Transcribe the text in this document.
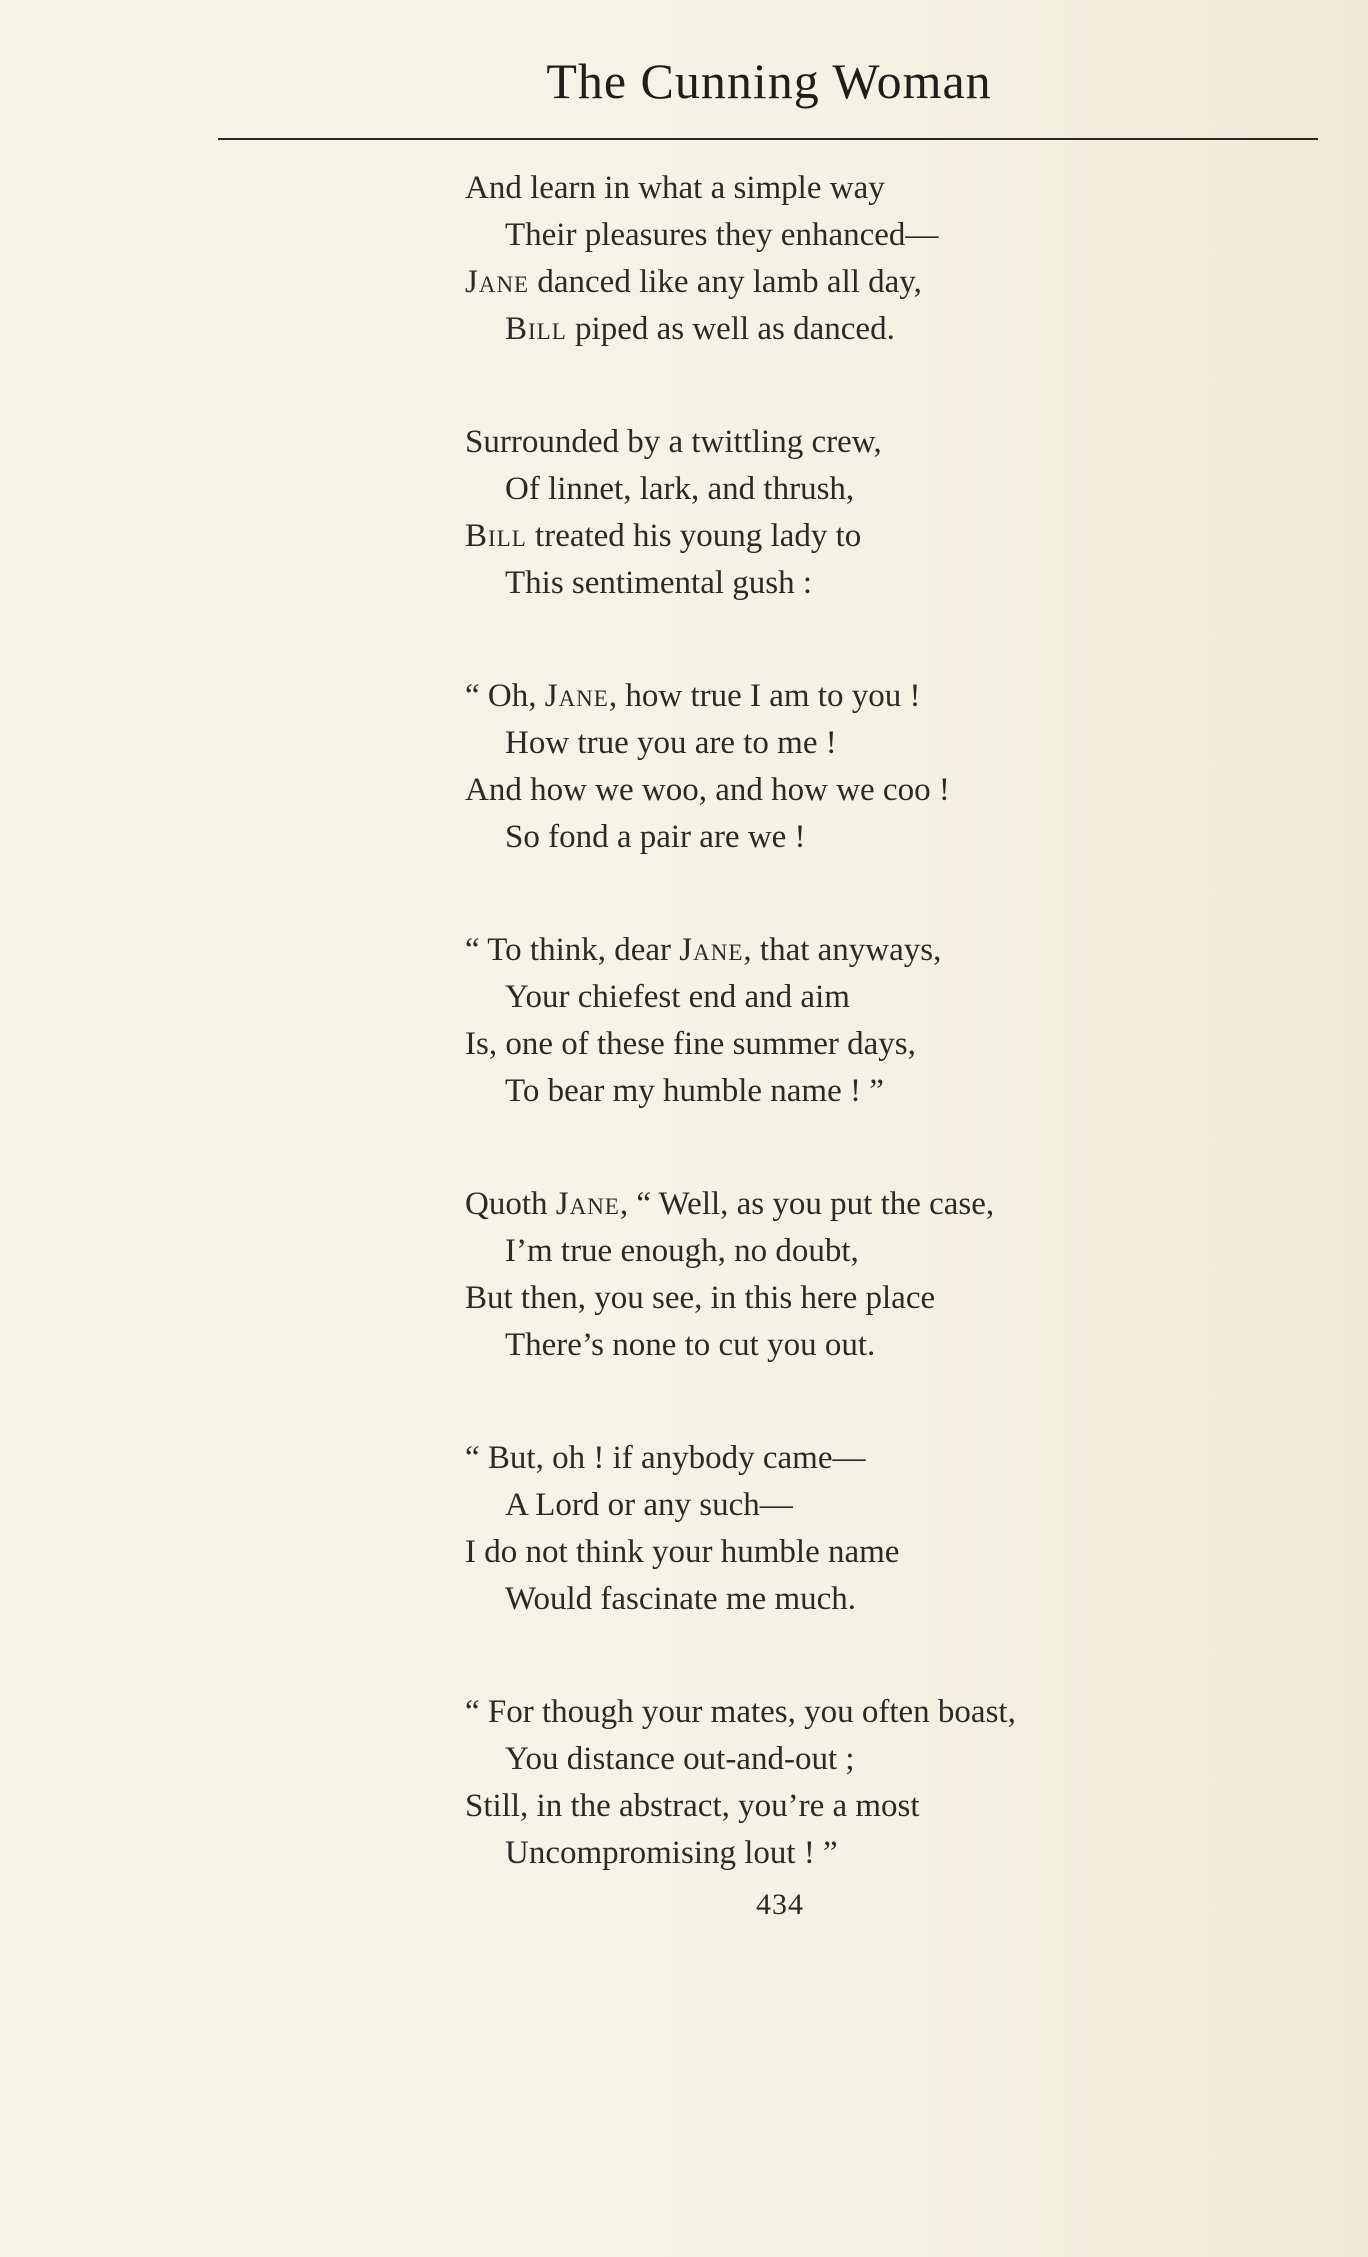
The Cunning Woman
And learn in what a simple way
Their pleasures they enhanced—
Jane danced like any lamb all day,
Bill piped as well as danced.
Surrounded by a twittling crew,
Of linnet, lark, and thrush,
Bill treated his young lady to
This sentimental gush :
“ Oh, Jane, how true I am to you !
How true you are to me !
And how we woo, and how we coo !
So fond a pair are we !
“ To think, dear Jane, that anyways,
Your chiefest end and aim
Is, one of these fine summer days,
To bear my humble name ! ”
Quoth Jane, “ Well, as you put the case,
I’m true enough, no doubt,
But then, you see, in this here place
There’s none to cut you out.
“ But, oh ! if anybody came—
A Lord or any such—
I do not think your humble name
Would fascinate me much.
“ For though your mates, you often boast,
You distance out-and-out ;
Still, in the abstract, you’re a most
Uncompromising lout ! ”
434
